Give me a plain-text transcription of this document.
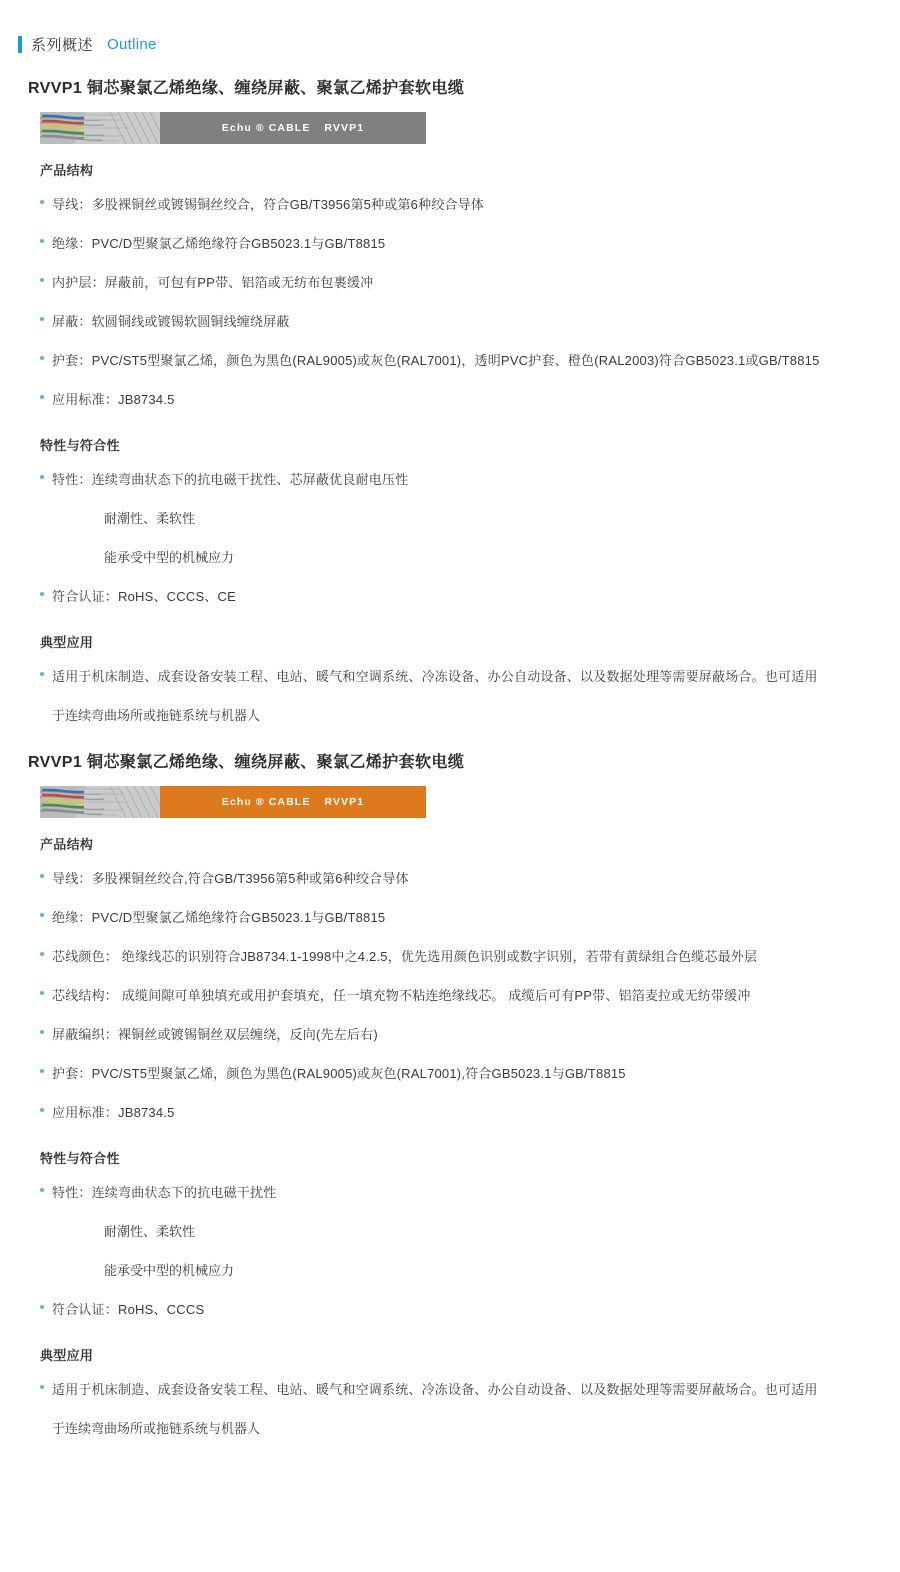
系列概述 Outline
RVVP1 铜芯聚氯乙烯绝缘、缠绕屏蔽、聚氯乙烯护套软电缆
Echu ® CABLE RVVP1
产品结构
导线：多股裸铜丝或镀锡铜丝绞合，符合GB/T3956第5种或第6种绞合导体
绝缘：PVC/D型聚氯乙烯绝缘符合GB5023.1与GB/T8815
内护层：屏蔽前，可包有PP带、铝箔或无纺布包裹缓冲
屏蔽：软圆铜线或镀锡软圆铜线缠绕屏蔽
护套：PVC/ST5型聚氯乙烯，颜色为黑色(RAL9005)或灰色(RAL7001)，透明PVC护套、橙色(RAL2003)符合GB5023.1或GB/T8815
应用标准：JB8734.5
特性与符合性
特性：连续弯曲状态下的抗电磁干扰性、芯屏蔽优良耐电压性
耐潮性、柔软性
能承受中型的机械应力
符合认证：RoHS、CCCS、CE
典型应用
适用于机床制造、成套设备安装工程、电站、暖气和空调系统、冷冻设备、办公自动设备、以及数据处理等需要屏蔽场合。也可适用
于连续弯曲场所或拖链系统与机器人
RVVP1 铜芯聚氯乙烯绝缘、缠绕屏蔽、聚氯乙烯护套软电缆
Echu ® CABLE RVVP1
产品结构
导线：多股裸铜丝绞合,符合GB/T3956第5种或第6种绞合导体
绝缘：PVC/D型聚氯乙烯绝缘符合GB5023.1与GB/T8815
芯线颜色： 绝缘线芯的识别符合JB8734.1-1998中之4.2.5，优先选用颜色识别或数字识别，若带有黄绿组合色缆芯最外层
芯线结构： 成缆间隙可单独填充或用护套填充，任一填充物不粘连绝缘线芯。 成缆后可有PP带、铝箔麦拉或无纺带缓冲
屏蔽编织：裸铜丝或镀锡铜丝双层缠绕，反向(先左后右)
护套：PVC/ST5型聚氯乙烯，颜色为黑色(RAL9005)或灰色(RAL7001),符合GB5023.1与GB/T8815
应用标准：JB8734.5
特性与符合性
特性：连续弯曲状态下的抗电磁干扰性
耐潮性、柔软性
能承受中型的机械应力
符合认证：RoHS、CCCS
典型应用
适用于机床制造、成套设备安装工程、电站、暖气和空调系统、冷冻设备、办公自动设备、以及数据处理等需要屏蔽场合。也可适用
于连续弯曲场所或拖链系统与机器人
